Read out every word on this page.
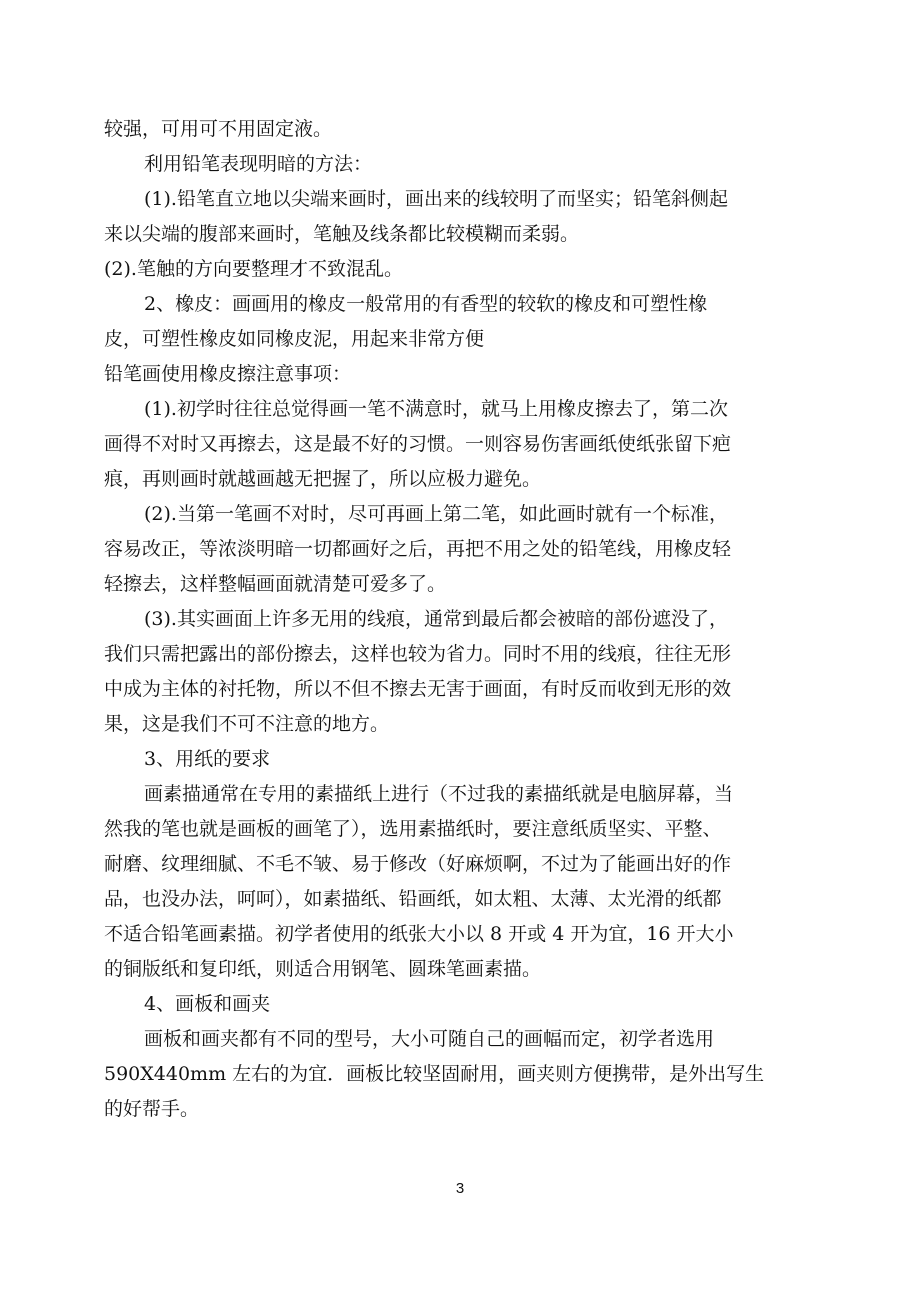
较强，可用可不用固定液。
利用铅笔表现明暗的方法：
(1).铅笔直立地以尖端来画时，画出来的线较明了而坚实；铅笔斜侧起
来以尖端的腹部来画时，笔触及线条都比较模糊而柔弱。
(2).笔触的方向要整理才不致混乱。
2、橡皮：画画用的橡皮一般常用的有香型的较软的橡皮和可塑性橡
皮，可塑性橡皮如同橡皮泥，用起来非常方便
铅笔画使用橡皮擦注意事项：
(1).初学时往往总觉得画一笔不满意时，就马上用橡皮擦去了，第二次
画得不对时又再擦去，这是最不好的习惯。一则容易伤害画纸使纸张留下疤
痕，再则画时就越画越无把握了，所以应极力避免。
(2).当第一笔画不对时，尽可再画上第二笔，如此画时就有一个标准，
容易改正，等浓淡明暗一切都画好之后，再把不用之处的铅笔线，用橡皮轻
轻擦去，这样整幅画面就清楚可爱多了。
(3).其实画面上许多无用的线痕，通常到最后都会被暗的部份遮没了，
我们只需把露出的部份擦去，这样也较为省力。同时不用的线痕，往往无形
中成为主体的衬托物，所以不但不擦去无害于画面，有时反而收到无形的效
果，这是我们不可不注意的地方。
3、用纸的要求
画素描通常在专用的素描纸上进行（不过我的素描纸就是电脑屏幕，当
然我的笔也就是画板的画笔了），选用素描纸时，要注意纸质坚实、平整、
耐磨、纹理细腻、不毛不皱、易于修改（好麻烦啊，不过为了能画出好的作
品，也没办法，呵呵），如素描纸、铅画纸，如太粗、太薄、太光滑的纸都
不适合铅笔画素描。初学者使用的纸张大小以 8 开或 4 开为宜，16 开大小
的铜版纸和复印纸，则适合用钢笔、圆珠笔画素描。
4、画板和画夹
画板和画夹都有不同的型号，大小可随自己的画幅而定，初学者选用
590X440mm 左右的为宜．画板比较坚固耐用，画夹则方便携带，是外出写生
的好帮手。
3
